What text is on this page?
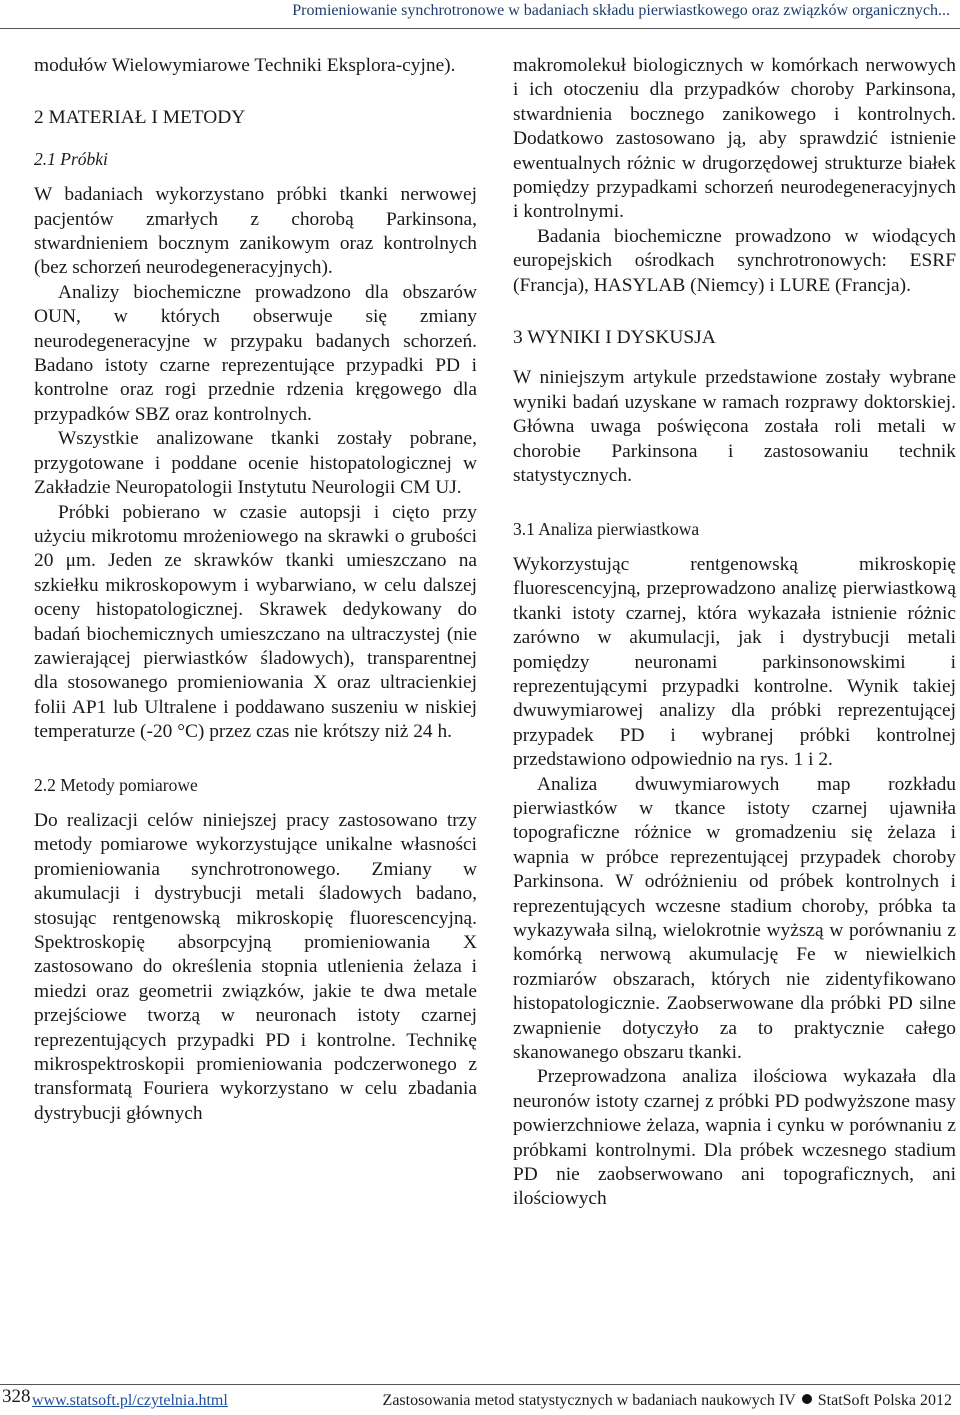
Promieniowanie synchrotronowe w badaniach składu pierwiastkowego oraz związków organicznych...

modułów Wielowymiarowe Techniki Eksplora-cyjne).

2 MATERIAŁ I METODY
2.1 Próbki

W badaniach wykorzystano próbki tkanki nerwowej pacjentów zmarłych z chorobą Parkinsona, stwardnieniem bocznym zanikowym oraz kontrolnych (bez schorzeń neurodegeneracyjnych).

Analizy biochemiczne prowadzono dla obszarów OUN, w których obserwuje się zmiany neurodegeneracyjne w przypaku badanych schorzeń. Badano istoty czarne reprezentujące przypadki PD i kontrolne oraz rogi przednie rdzenia kręgowego dla przypadków SBZ oraz kontrolnych.

Wszystkie analizowane tkanki zostały pobrane, przygotowane i poddane ocenie histopatologicznej w Zakładzie Neuropatologii Instytutu Neurologii CM UJ.

Próbki pobierano w czasie autopsji i cięto przy użyciu mikrotomu mrożeniowego na skrawki o grubości 20 μm. Jeden ze skrawków tkanki umieszczano na szkiełku mikroskopowym i wybarwiano, w celu dalszej oceny histopatologicznej. Skrawek dedykowany do badań biochemicznych umieszczano na ultraczystej (nie zawierającej pierwiastków śladowych), transparentnej dla stosowanego promieniowania X oraz ultracienkiej folii AP1 lub Ultralene i poddawano suszeniu w niskiej temperaturze (-20 °C) przez czas nie krótszy niż 24 h.

2.2 Metody pomiarowe

Do realizacji celów niniejszej pracy zastosowano trzy metody pomiarowe wykorzystujące unikalne własności promieniowania synchrotronowego. Zmiany w akumulacji i dystrybucji metali śladowych badano, stosując rentgenowską mikroskopię fluorescencyjną. Spektroskopię absorpcyjną promieniowania X zastosowano do określenia stopnia utlenienia żelaza i miedzi oraz geometrii związków, jakie te dwa metale przejściowe tworzą w neuronach istoty czarnej reprezentujących przypadki PD i kontrolne. Technikę mikrospektroskopii promieniowania podczerwonego z transformatą Fouriera wykorzystano w celu zbadania dystrybucji głównych

makromolekuł biologicznych w komórkach nerwowych i ich otoczeniu dla przypadków choroby Parkinsona, stwardnienia bocznego zanikowego i kontrolnych. Dodatkowo zastosowano ją, aby sprawdzić istnienie ewentualnych różnic w drugorzędowej strukturze białek pomiędzy przypadkami schorzeń neurodegeneracyjnych i kontrolnymi.

Badania biochemiczne prowadzono w wiodących europejskich ośrodkach synchrotronowych: ESRF (Francja), HASYLAB (Niemcy) i LURE (Francja).

3 WYNIKI I DYSKUSJA

W niniejszym artykule przedstawione zostały wybrane wyniki badań uzyskane w ramach rozprawy doktorskiej. Główna uwaga poświęcona została roli metali w chorobie Parkinsona i zastosowaniu technik statystycznych.

3.1 Analiza pierwiastkowa

Wykorzystując rentgenowską mikroskopię fluorescencyjną, przeprowadzono analizę pierwiastkową tkanki istoty czarnej, która wykazała istnienie różnic zarówno w akumulacji, jak i dystrybucji metali pomiędzy neuronami parkinsonowskimi i reprezentującymi przypadki kontrolne. Wynik takiej dwuwymiarowej analizy dla próbki reprezentującej przypadek PD i wybranej próbki kontrolnej przedstawiono odpowiednio na rys. 1 i 2.

Analiza dwuwymiarowych map rozkładu pierwiastków w tkance istoty czarnej ujawniła topograficzne różnice w gromadzeniu się żelaza i wapnia w próbce reprezentującej przypadek choroby Parkinsona. W odróżnieniu od próbek kontrolnych i reprezentujących wczesne stadium choroby, próbka ta wykazywała silną, wielokrotnie wyższą w porównaniu z komórką nerwową akumulację Fe w niewielkich rozmiarów obszarach, których nie zidentyfikowano histopatologicznie. Zaobserwowane dla próbki PD silne zwapnienie dotyczyło za to praktycznie całego skanowanego obszaru tkanki.

Przeprowadzona analiza ilościowa wykazała dla neuronów istoty czarnej z próbki PD podwyższone masy powierzchniowe żelaza, wapnia i cynku w porównaniu z próbkami kontrolnymi. Dla próbek wczesnego stadium PD nie zaobserwowano ani topograficznych, ani ilościowych

328 www.statsoft.pl/czytelnia.html	Zastosowania metod statystycznych w badaniach naukowych IV StatSoft Polska 2012
